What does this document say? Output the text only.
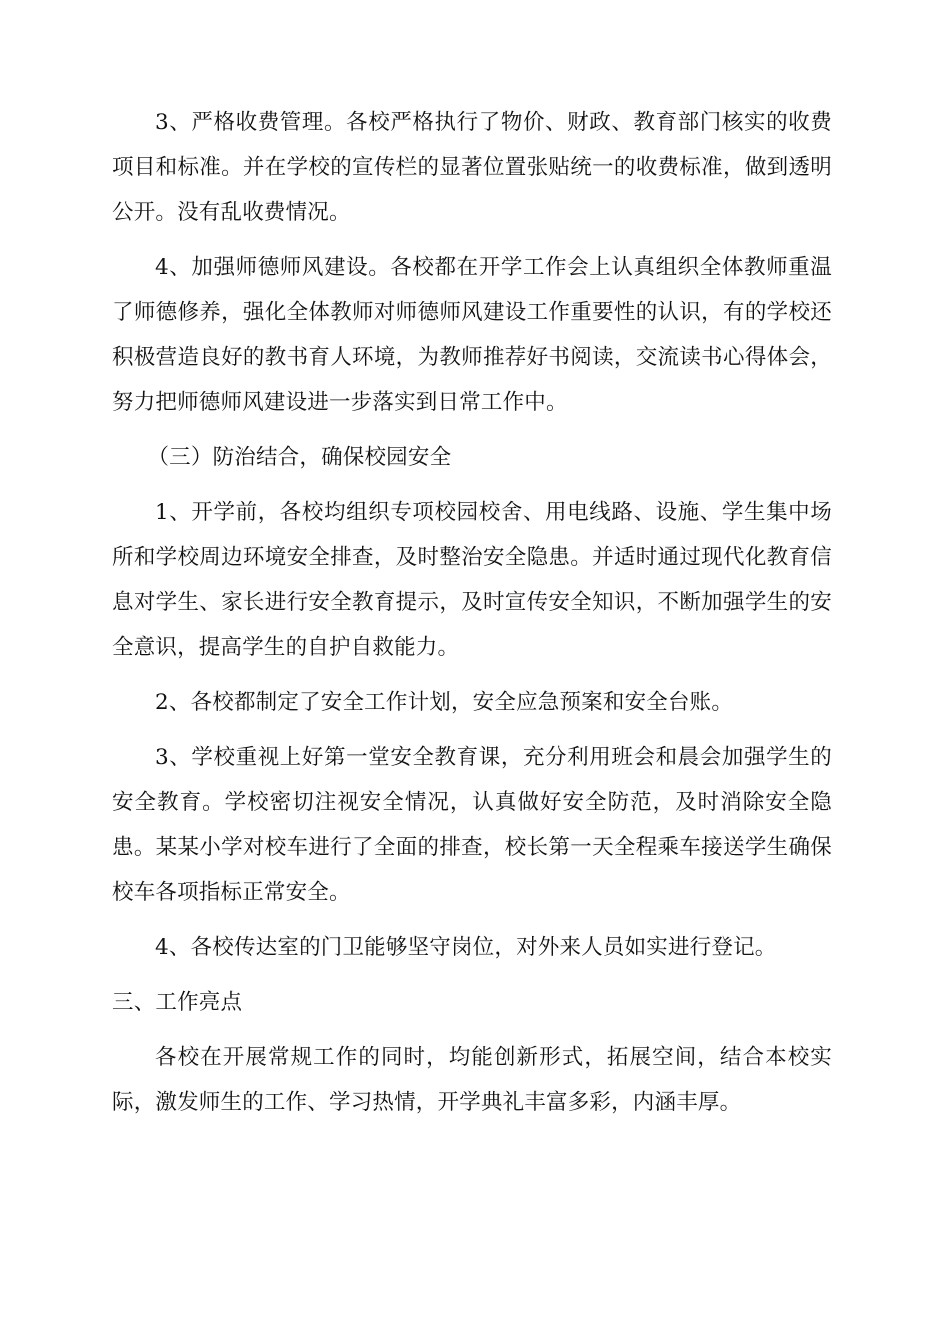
3、严格收费管理。各校严格执行了物价、财政、教育部门核实的收费项目和标准。并在学校的宣传栏的显著位置张贴统一的收费标准，做到透明公开。没有乱收费情况。

4、加强师德师风建设。各校都在开学工作会上认真组织全体教师重温了师德修养，强化全体教师对师德师风建设工作重要性的认识，有的学校还积极营造良好的教书育人环境，为教师推荐好书阅读，交流读书心得体会，努力把师德师风建设进一步落实到日常工作中。

（三）防治结合，确保校园安全

1、开学前，各校均组织专项校园校舍、用电线路、设施、学生集中场所和学校周边环境安全排查，及时整治安全隐患。并适时通过现代化教育信息对学生、家长进行安全教育提示，及时宣传安全知识，不断加强学生的安全意识，提高学生的自护自救能力。

2、各校都制定了安全工作计划，安全应急预案和安全台账。

3、学校重视上好第一堂安全教育课，充分利用班会和晨会加强学生的安全教育。学校密切注视安全情况，认真做好安全防范，及时消除安全隐患。某某小学对校车进行了全面的排查，校长第一天全程乘车接送学生确保校车各项指标正常安全。

4、各校传达室的门卫能够坚守岗位，对外来人员如实进行登记。

三、工作亮点

各校在开展常规工作的同时，均能创新形式，拓展空间，结合本校实际，激发师生的工作、学习热情，开学典礼丰富多彩，内涵丰厚。
